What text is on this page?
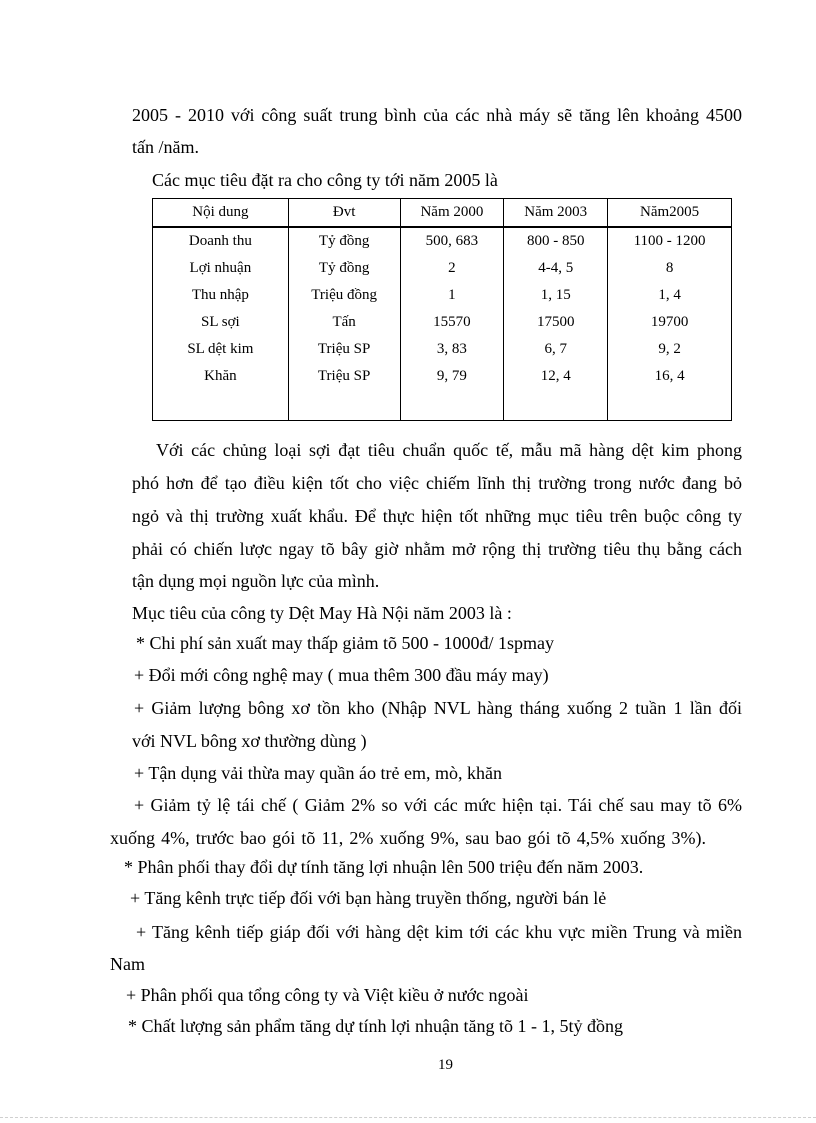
2005 - 2010 với công suất trung bình của các nhà máy sẽ tăng lên khoảng 4500
tấn /năm.
Các mục tiêu đặt ra cho công ty tới năm 2005 là
Nội dung	Đvt	Năm 2000	Năm 2003	Năm2005
Doanh thu	Tỷ đồng	500, 683	800 - 850	1100 - 1200
Lợi nhuận	Tỷ đồng	2	4-4, 5	8
Thu nhập	Triệu đồng	1	1, 15	1, 4
SL sợi	Tấn	15570	17500	19700
SL dệt kim	Triệu SP	3, 83	6, 7	9, 2
Khăn	Triệu SP	9, 79	12, 4	16, 4

Với các chủng loại sợi đạt tiêu chuẩn quốc tế, mẫu mã hàng dệt kim phong
phó hơn để tạo điều kiện tốt cho việc chiếm lĩnh thị trường trong nước đang bỏ
ngỏ và thị trường xuất khẩu. Để thực hiện tốt những mục tiêu trên buộc công ty
phải có chiến lược ngay tõ bây giờ nhằm mở rộng thị trường tiêu thụ bằng cách
tận dụng mọi nguồn lực của mình.
Mục tiêu của công ty Dệt May Hà Nội năm 2003 là :
* Chi phí sản xuất may thấp giảm tõ 500 - 1000đ/ 1spmay
+ Đổi mới công nghệ may ( mua thêm 300 đầu máy may)
+ Giảm lượng bông xơ tồn kho (Nhập NVL hàng tháng xuống 2 tuần 1 lần đối
với NVL bông xơ thường dùng )
+ Tận dụng vải thừa may quần áo trẻ em, mò, khăn
+ Giảm tỷ lệ tái chế ( Giảm 2% so với các mức hiện tại. Tái chế sau may tõ 6%
xuống 4%, trước bao gói tõ 11, 2% xuống 9%, sau bao gói tõ 4,5% xuống 3%).
* Phân phối thay đổi dự tính tăng lợi nhuận lên 500 triệu đến năm 2003.
+ Tăng kênh trực tiếp đối với bạn hàng truyền thống, người bán lẻ
+ Tăng kênh tiếp giáp đối với hàng dệt kim tới các khu vực miền Trung và miền
Nam
+ Phân phối qua tổng công ty và Việt kiều ở nước ngoài
* Chất lượng sản phẩm tăng dự tính lợi nhuận tăng tõ 1 - 1, 5tỷ đồng
19
